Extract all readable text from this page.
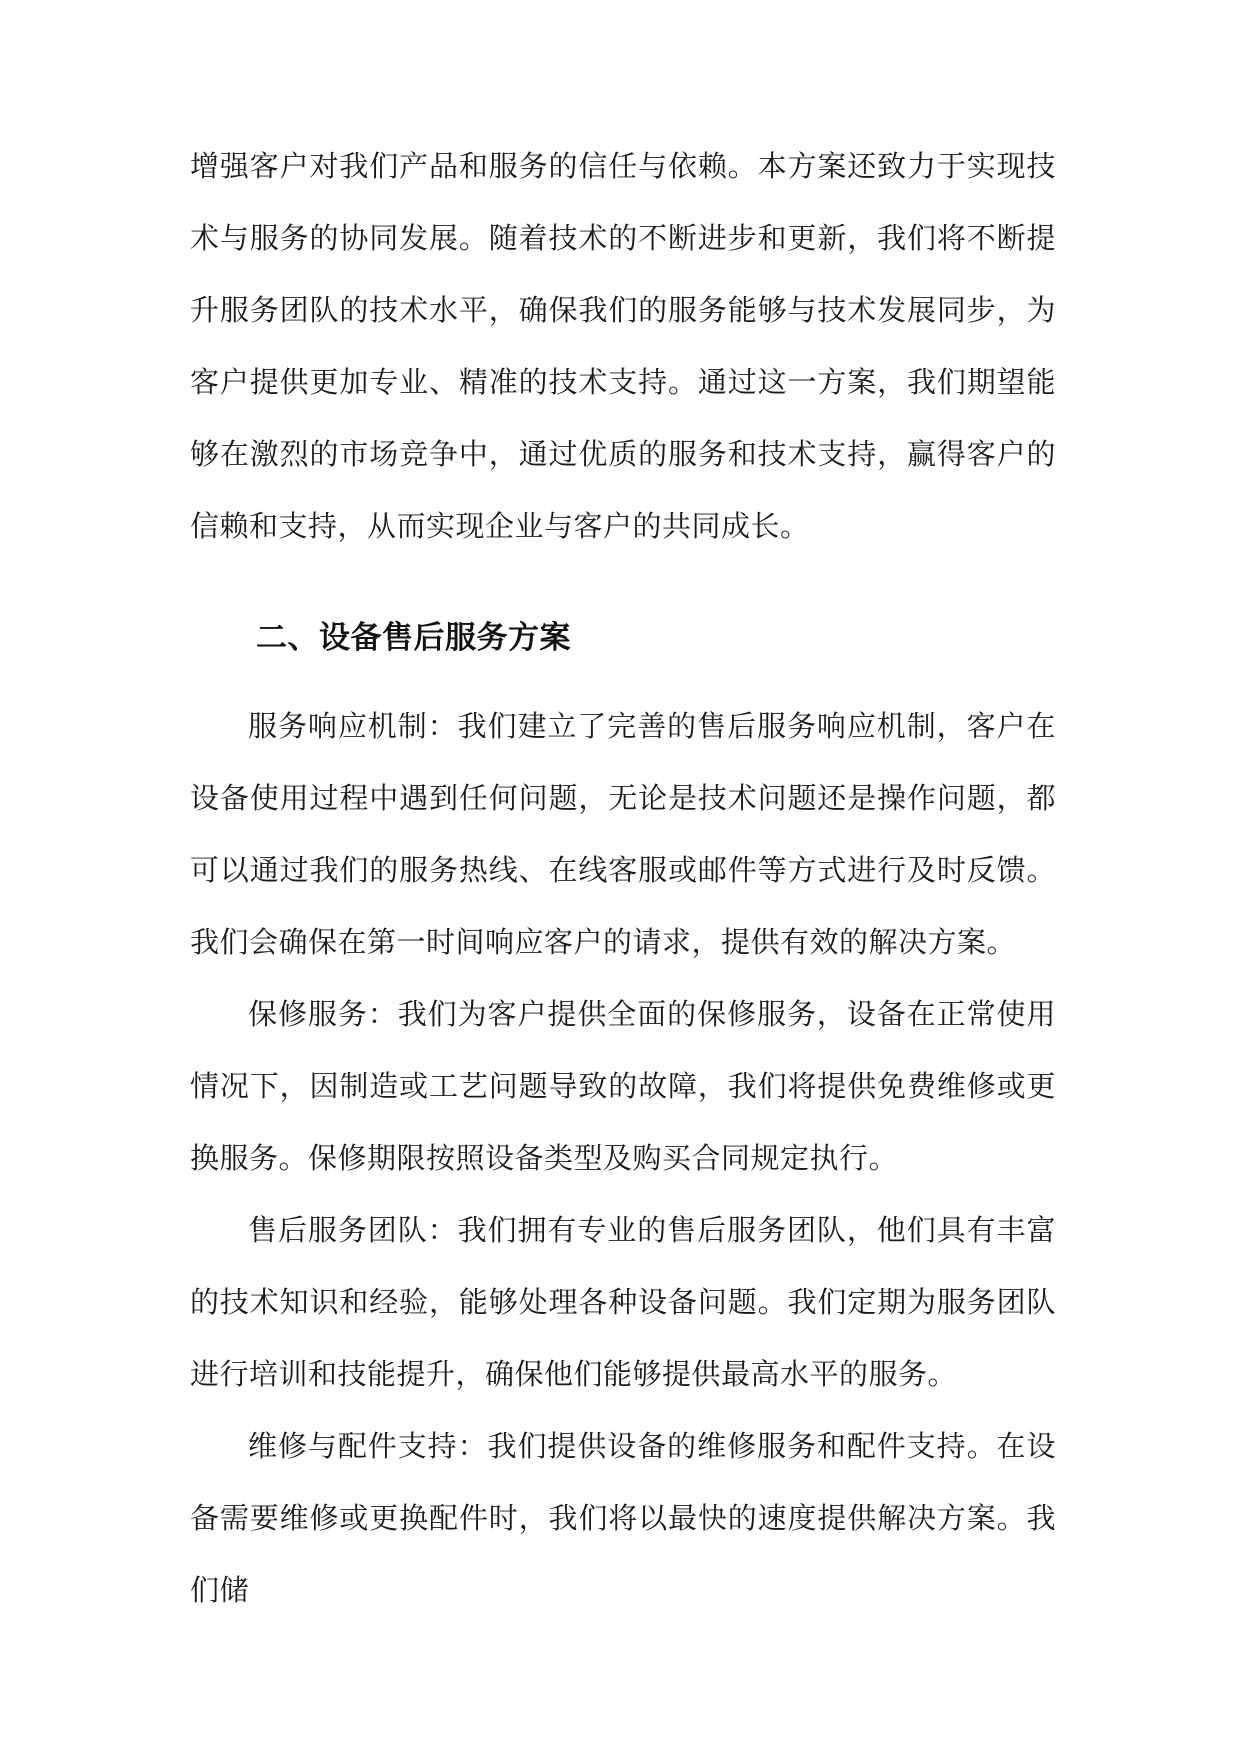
增强客户对我们产品和服务的信任与依赖。本方案还致力于实现技术与服务的协同发展。随着技术的不断进步和更新，我们将不断提升服务团队的技术水平，确保我们的服务能够与技术发展同步，为客户提供更加专业、精准的技术支持。通过这一方案，我们期望能够在激烈的市场竞争中，通过优质的服务和技术支持，赢得客户的信赖和支持，从而实现企业与客户的共同成长。

二、设备售后服务方案

服务响应机制：我们建立了完善的售后服务响应机制，客户在设备使用过程中遇到任何问题，无论是技术问题还是操作问题，都可以通过我们的服务热线、在线客服或邮件等方式进行及时反馈。我们会确保在第一时间响应客户的请求，提供有效的解决方案。

保修服务：我们为客户提供全面的保修服务，设备在正常使用情况下，因制造或工艺问题导致的故障，我们将提供免费维修或更换服务。保修期限按照设备类型及购买合同规定执行。

售后服务团队：我们拥有专业的售后服务团队，他们具有丰富的技术知识和经验，能够处理各种设备问题。我们定期为服务团队进行培训和技能提升，确保他们能够提供最高水平的服务。

维修与配件支持：我们提供设备的维修服务和配件支持。在设备需要维修或更换配件时，我们将以最快的速度提供解决方案。我们储
